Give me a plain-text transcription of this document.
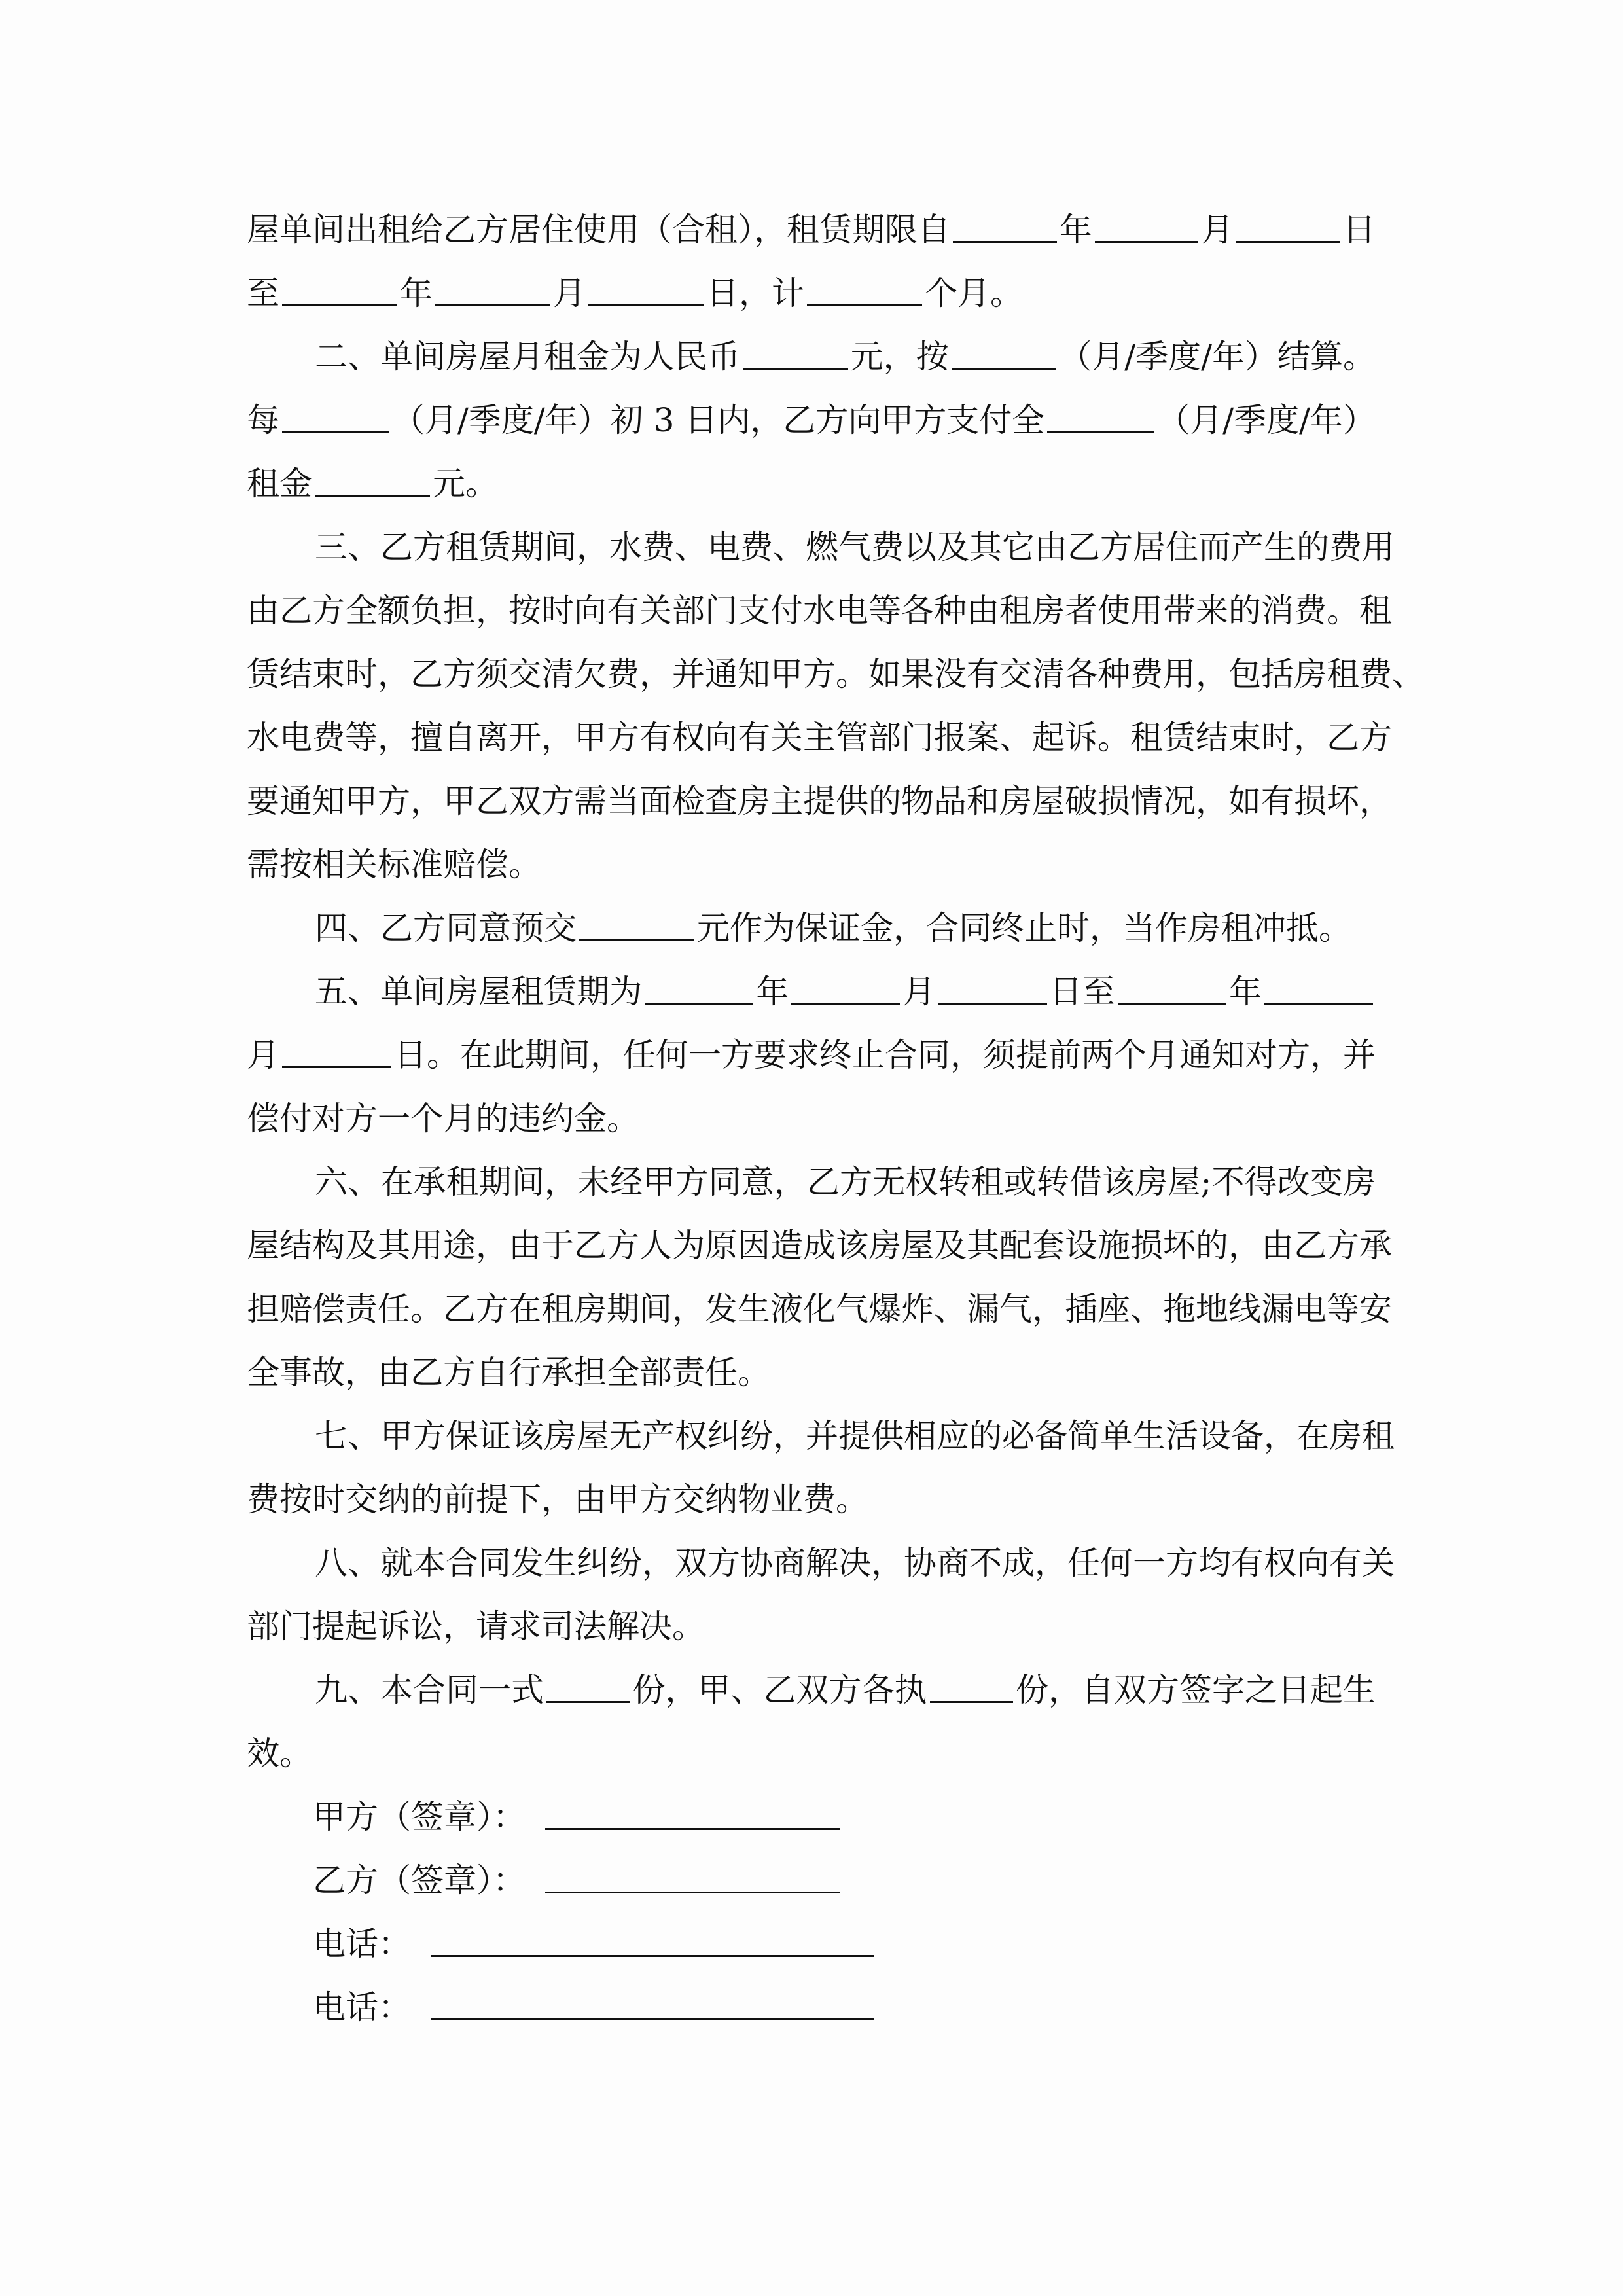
屋单间出租给乙方居住使用（合租），租赁期限自	年	月	日
至	年	月	日，计	个月。
二、单间房屋月租金为人民币	元，按	（月/季度/年）结算。
每	（月/季度/年）初 3 日内，乙方向甲方支付全	（月/季度/年）
租金	元。
三、乙方租赁期间，水费、电费、燃气费以及其它由乙方居住而产生的费用
由乙方全额负担，按时向有关部门支付水电等各种由租房者使用带来的消费。租
赁结束时，乙方须交清欠费，并通知甲方。如果没有交清各种费用，包括房租费、
水电费等，擅自离开，甲方有权向有关主管部门报案、起诉。租赁结束时，乙方
要通知甲方，甲乙双方需当面检查房主提供的物品和房屋破损情况，如有损坏，
需按相关标准赔偿。
四、乙方同意预交	元作为保证金，合同终止时，当作房租冲抵。
五、单间房屋租赁期为	年	月	日至	年
月	日。在此期间，任何一方要求终止合同，须提前两个月通知对方，并
偿付对方一个月的违约金。
六、在承租期间，未经甲方同意，乙方无权转租或转借该房屋;不得改变房
屋结构及其用途，由于乙方人为原因造成该房屋及其配套设施损坏的，由乙方承
担赔偿责任。乙方在租房期间，发生液化气爆炸、漏气，插座、拖地线漏电等安
全事故，由乙方自行承担全部责任。
七、甲方保证该房屋无产权纠纷，并提供相应的必备简单生活设备，在房租
费按时交纳的前提下，由甲方交纳物业费。
八、就本合同发生纠纷，双方协商解决，协商不成，任何一方均有权向有关
部门提起诉讼，请求司法解决。
九、本合同一式	份，甲、乙双方各执	份，自双方签字之日起生
效。
甲方（签章）：
乙方（签章）：
电话：
电话：
